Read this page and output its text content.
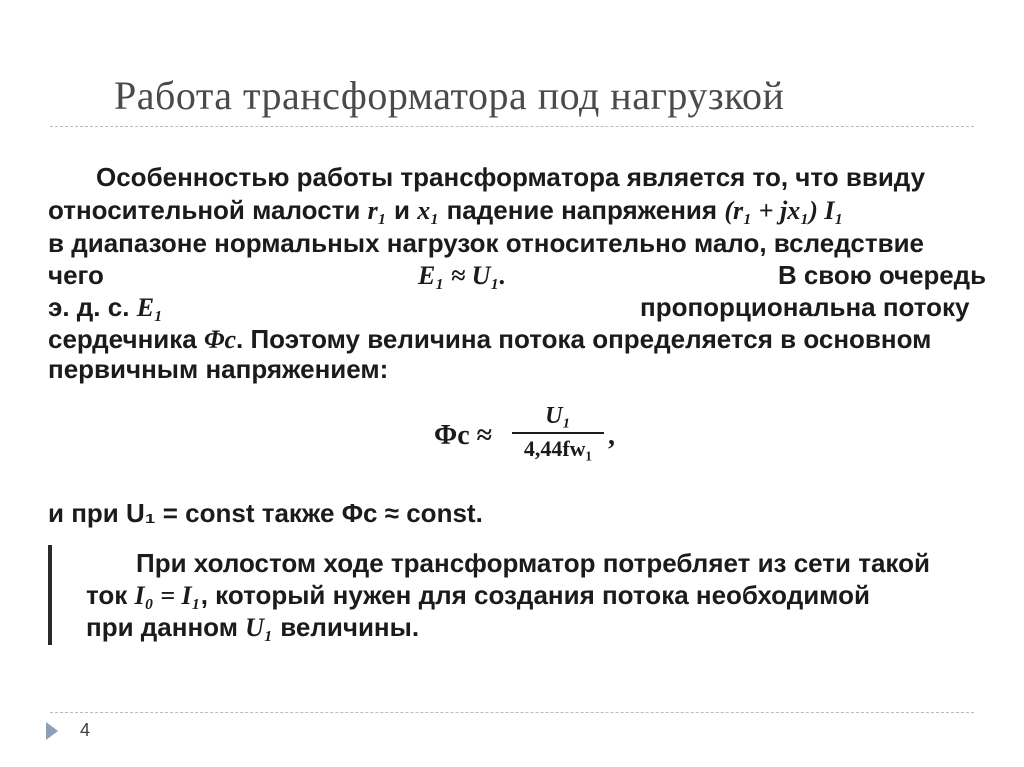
Работа трансформатора под нагрузкой
Особенностью работы трансформатора является то, что ввиду
относительной малости r₁ и x₁ падение напряжения (r₁ + jx₁) I₁
в диапазоне нормальных нагрузок относительно мало, вследствие
чего	E₁ ≈ U₁.	В свою очередь
э. д. с. E₁	пропорциональна потоку
сердечника Φс. Поэтому величина потока определяется в основном
первичным напряжением:
Φс ≈
U₁
4,44fw₁ ,
и при U₁ = const также Φс ≈ const.
При холостом ходе трансформатор потребляет из сети такой
ток I₀ = I₁, который нужен для создания потока необходимой
при данном U₁ величины.
4
